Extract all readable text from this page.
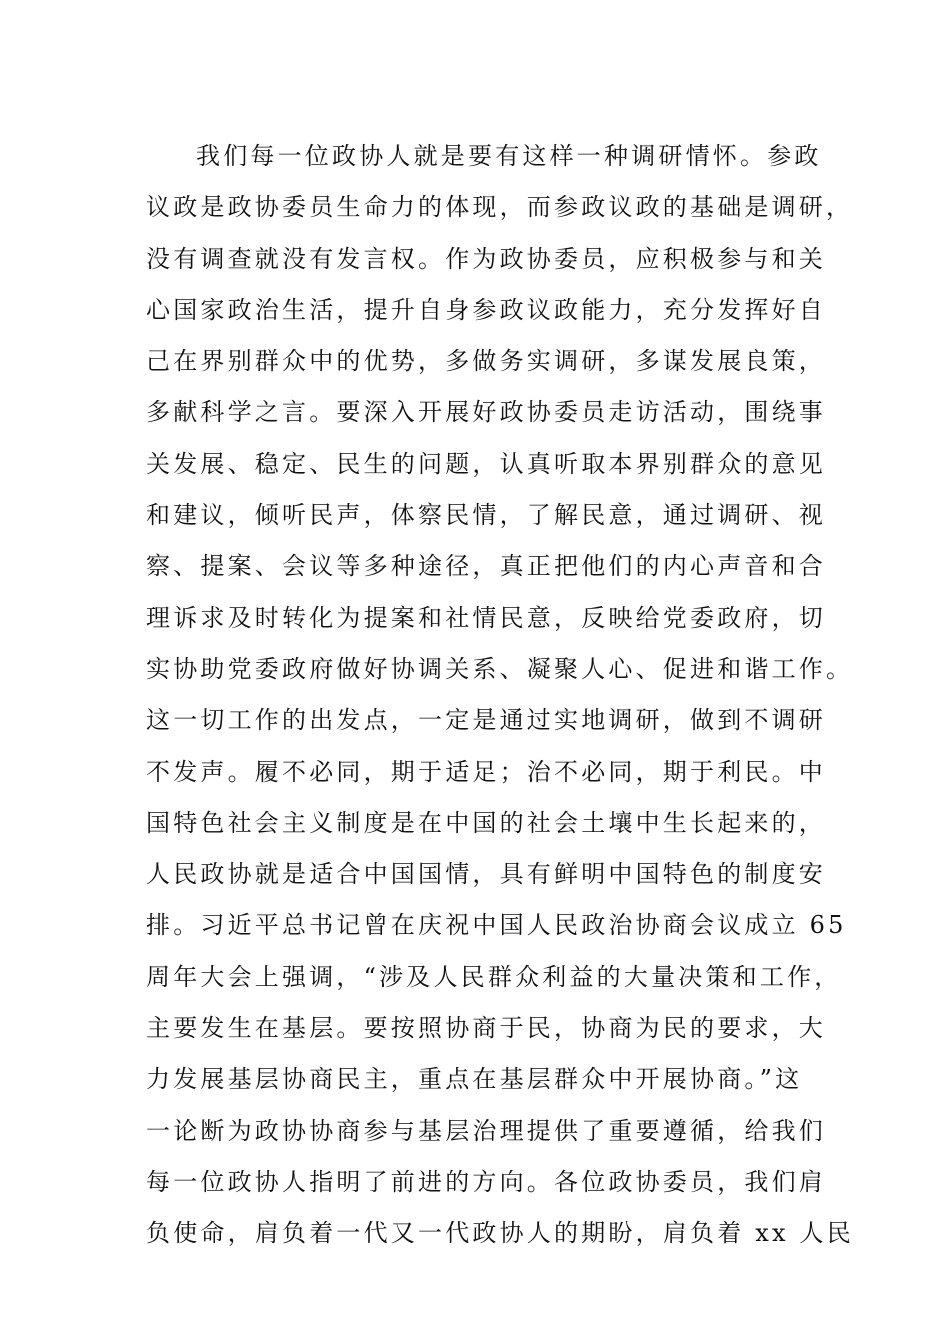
我们每一位政协人就是要有这样一种调研情怀。参政
议政是政协委员生命力的体现，而参政议政的基础是调研，
没有调查就没有发言权。作为政协委员，应积极参与和关
心国家政治生活，提升自身参政议政能力，充分发挥好自
己在界别群众中的优势，多做务实调研，多谋发展良策，
多献科学之言。要深入开展好政协委员走访活动，围绕事
关发展、稳定、民生的问题，认真听取本界别群众的意见
和建议，倾听民声，体察民情，了解民意，通过调研、视
察、提案、会议等多种途径，真正把他们的内心声音和合
理诉求及时转化为提案和社情民意，反映给党委政府，切
实协助党委政府做好协调关系、凝聚人心、促进和谐工作。
这一切工作的出发点，一定是通过实地调研，做到不调研
不发声。履不必同，期于适足；治不必同，期于利民。中
国特色社会主义制度是在中国的社会土壤中生长起来的，
人民政协就是适合中国国情，具有鲜明中国特色的制度安
排。习近平总书记曾在庆祝中国人民政治协商会议成立 65
周年大会上强调，“涉及人民群众利益的大量决策和工作，
主要发生在基层。要按照协商于民，协商为民的要求，大
力发展基层协商民主，重点在基层群众中开展协商。”这
一论断为政协协商参与基层治理提供了重要遵循，给我们
每一位政协人指明了前进的方向。各位政协委员，我们肩
负使命，肩负着一代又一代政协人的期盼，肩负着 xx 人民
